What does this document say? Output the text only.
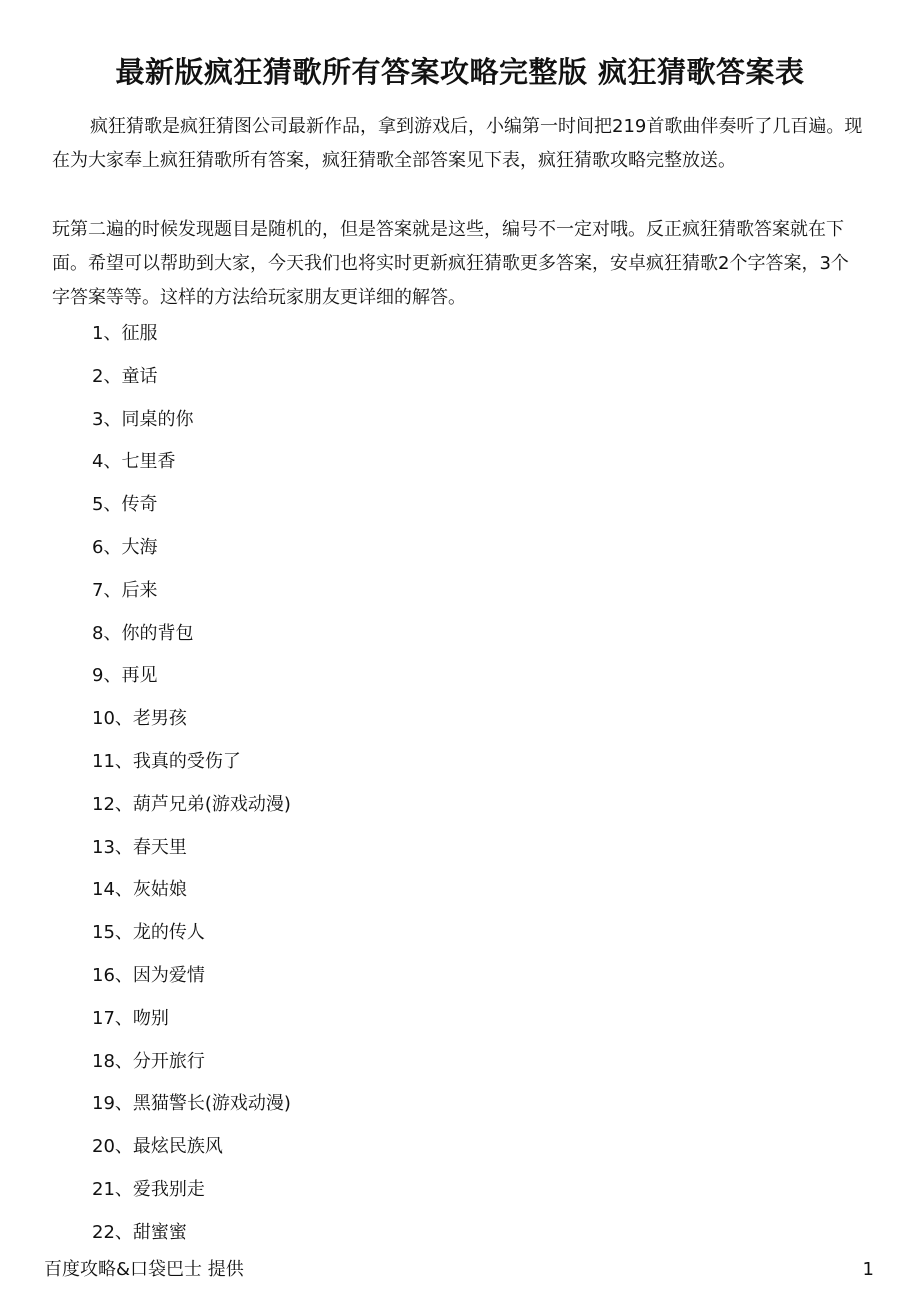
最新版疯狂猜歌所有答案攻略完整版 疯狂猜歌答案表

疯狂猜歌是疯狂猜图公司最新作品，拿到游戏后，小编第一时间把219首歌曲伴奏听了几百遍。现在为大家奉上疯狂猜歌所有答案，疯狂猜歌全部答案见下表，疯狂猜歌攻略完整放送。

玩第二遍的时候发现题目是随机的，但是答案就是这些，编号不一定对哦。反正疯狂猜歌答案就在下面。希望可以帮助到大家，今天我们也将实时更新疯狂猜歌更多答案，安卓疯狂猜歌2个字答案，3个字答案等等。这样的方法给玩家朋友更详细的解答。

1、征服
2、童话
3、同桌的你
4、七里香
5、传奇
6、大海
7、后来
8、你的背包
9、再见
10、老男孩
11、我真的受伤了
12、葫芦兄弟(游戏动漫)
13、春天里
14、灰姑娘
15、龙的传人
16、因为爱情
17、吻别
18、分开旅行
19、黑猫警长(游戏动漫)
20、最炫民族风
21、爱我别走
22、甜蜜蜜
百度攻略&口袋巴士 提供	1
